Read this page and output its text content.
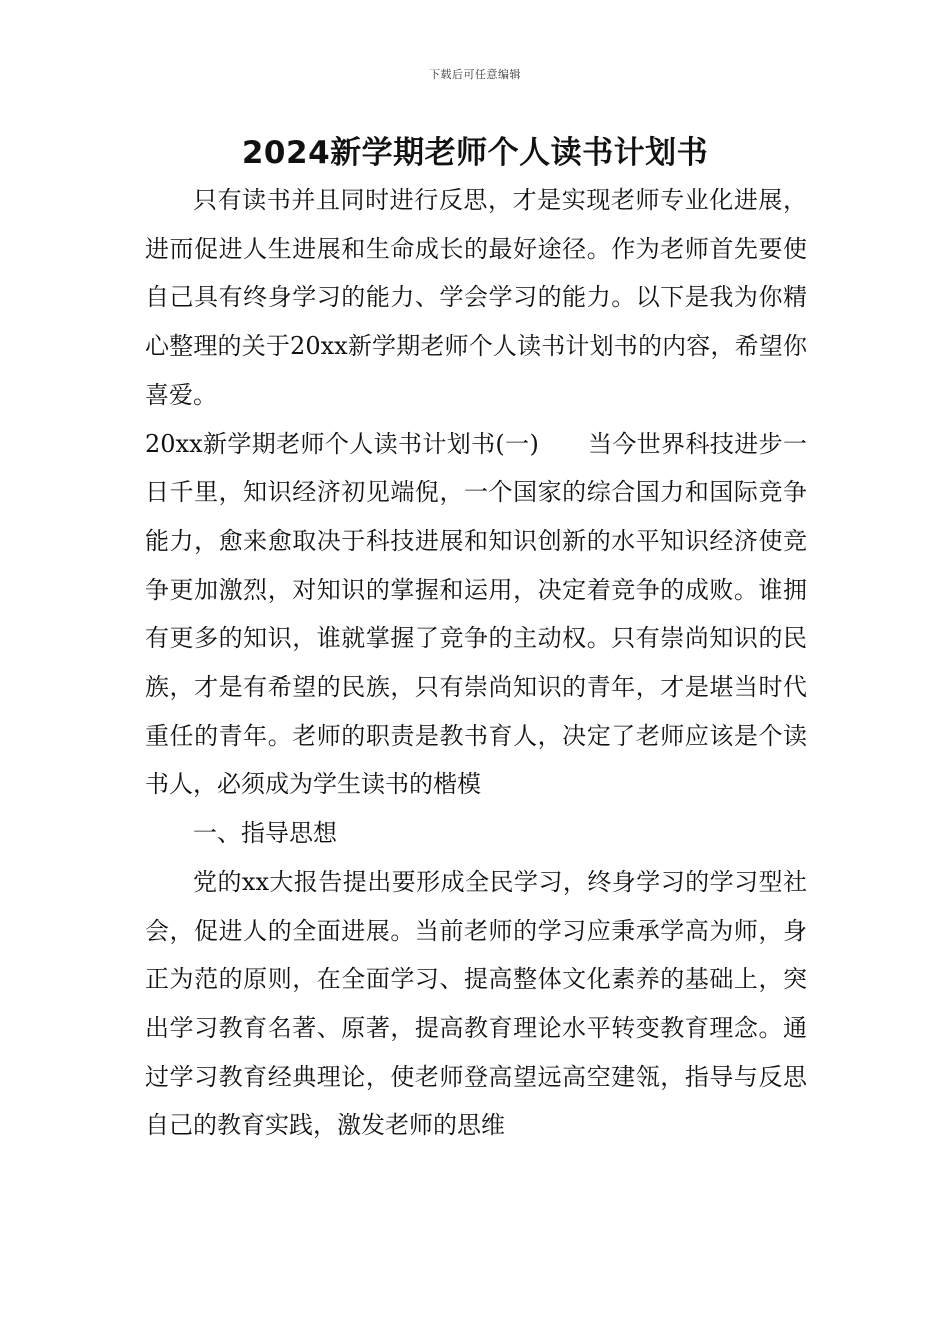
下载后可任意编辑
2024新学期老师个人读书计划书

只有读书并且同时进行反思，才是实现老师专业化进展，进而促进人生进展和生命成长的最好途径。作为老师首先要使自己具有终身学习的能力、学会学习的能力。以下是我为你精心整理的关于20xx新学期老师个人读书计划书的内容，希望你喜爱。

20xx新学期老师个人读书计划书(一)　　当今世界科技进步一日千里，知识经济初见端倪，一个国家的综合国力和国际竞争能力，愈来愈取决于科技进展和知识创新的水平知识经济使竞争更加激烈，对知识的掌握和运用，决定着竞争的成败。谁拥有更多的知识，谁就掌握了竞争的主动权。只有崇尚知识的民族，才是有希望的民族，只有崇尚知识的青年，才是堪当时代重任的青年。老师的职责是教书育人，决定了老师应该是个读书人，必须成为学生读书的楷模

一、指导思想

党的xx大报告提出要形成全民学习，终身学习的学习型社会，促进人的全面进展。当前老师的学习应秉承学高为师，身正为范的原则，在全面学习、提高整体文化素养的基础上，突出学习教育名著、原著，提高教育理论水平转变教育理念。通过学习教育经典理论，使老师登高望远高空建瓴，指导与反思自己的教育实践，激发老师的思维
